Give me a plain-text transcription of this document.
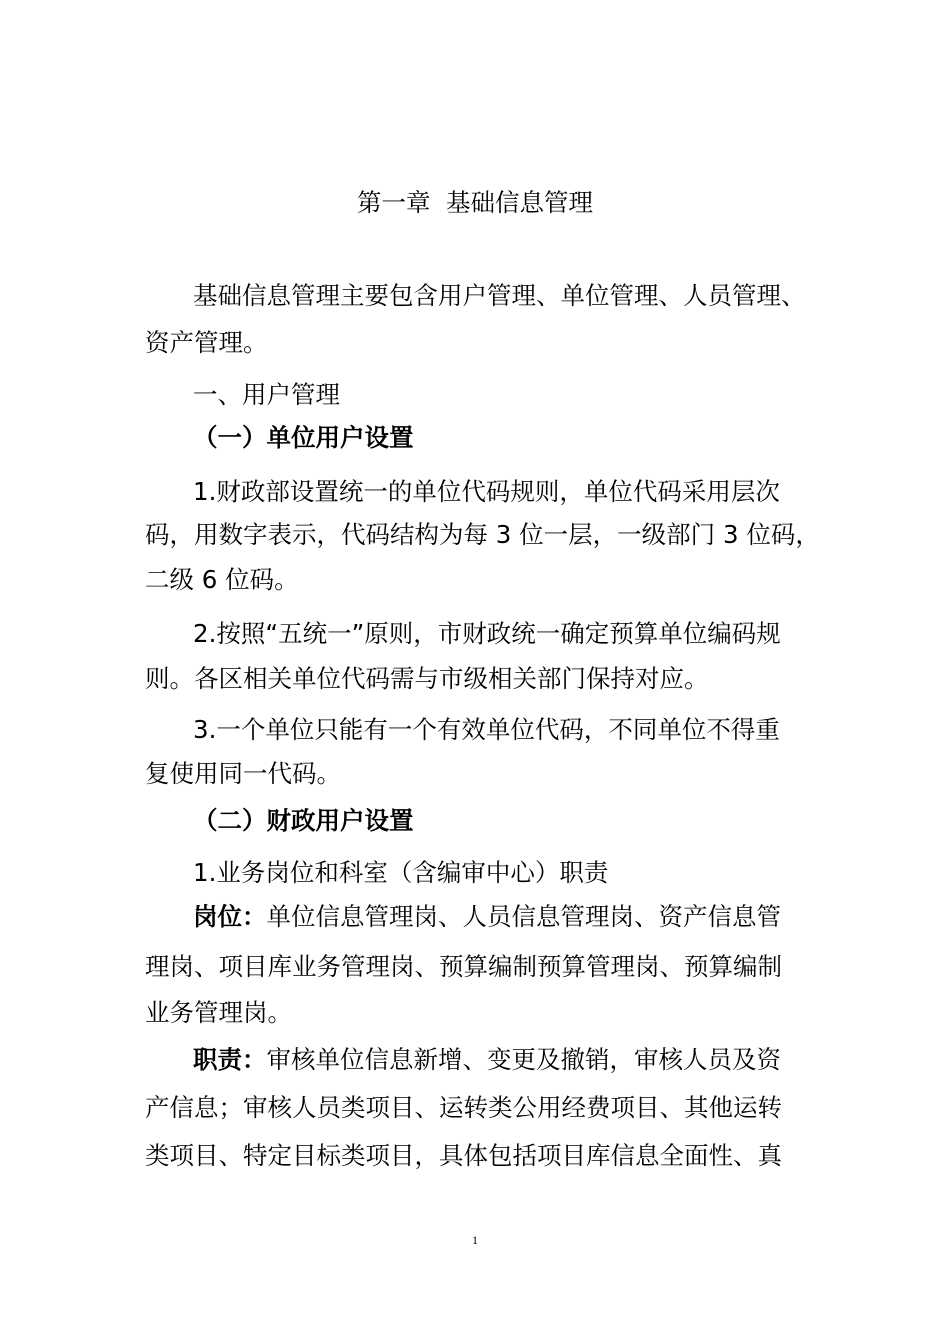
第一章  基础信息管理
基础信息管理主要包含用户管理、单位管理、人员管理、
资产管理。
一、用户管理
（一）单位用户设置
1.财政部设置统一的单位代码规则，单位代码采用层次
码，用数字表示，代码结构为每 3 位一层，一级部门 3 位码，
二级 6 位码。
2.按照“五统一”原则，市财政统一确定预算单位编码规
则。各区相关单位代码需与市级相关部门保持对应。
3.一个单位只能有一个有效单位代码，不同单位不得重
复使用同一代码。
（二）财政用户设置
1.业务岗位和科室（含编审中心）职责
岗位：单位信息管理岗、人员信息管理岗、资产信息管
理岗、项目库业务管理岗、预算编制预算管理岗、预算编制
业务管理岗。
职责：审核单位信息新增、变更及撤销，审核人员及资
产信息；审核人员类项目、运转类公用经费项目、其他运转
类项目、特定目标类项目，具体包括项目库信息全面性、真
1
